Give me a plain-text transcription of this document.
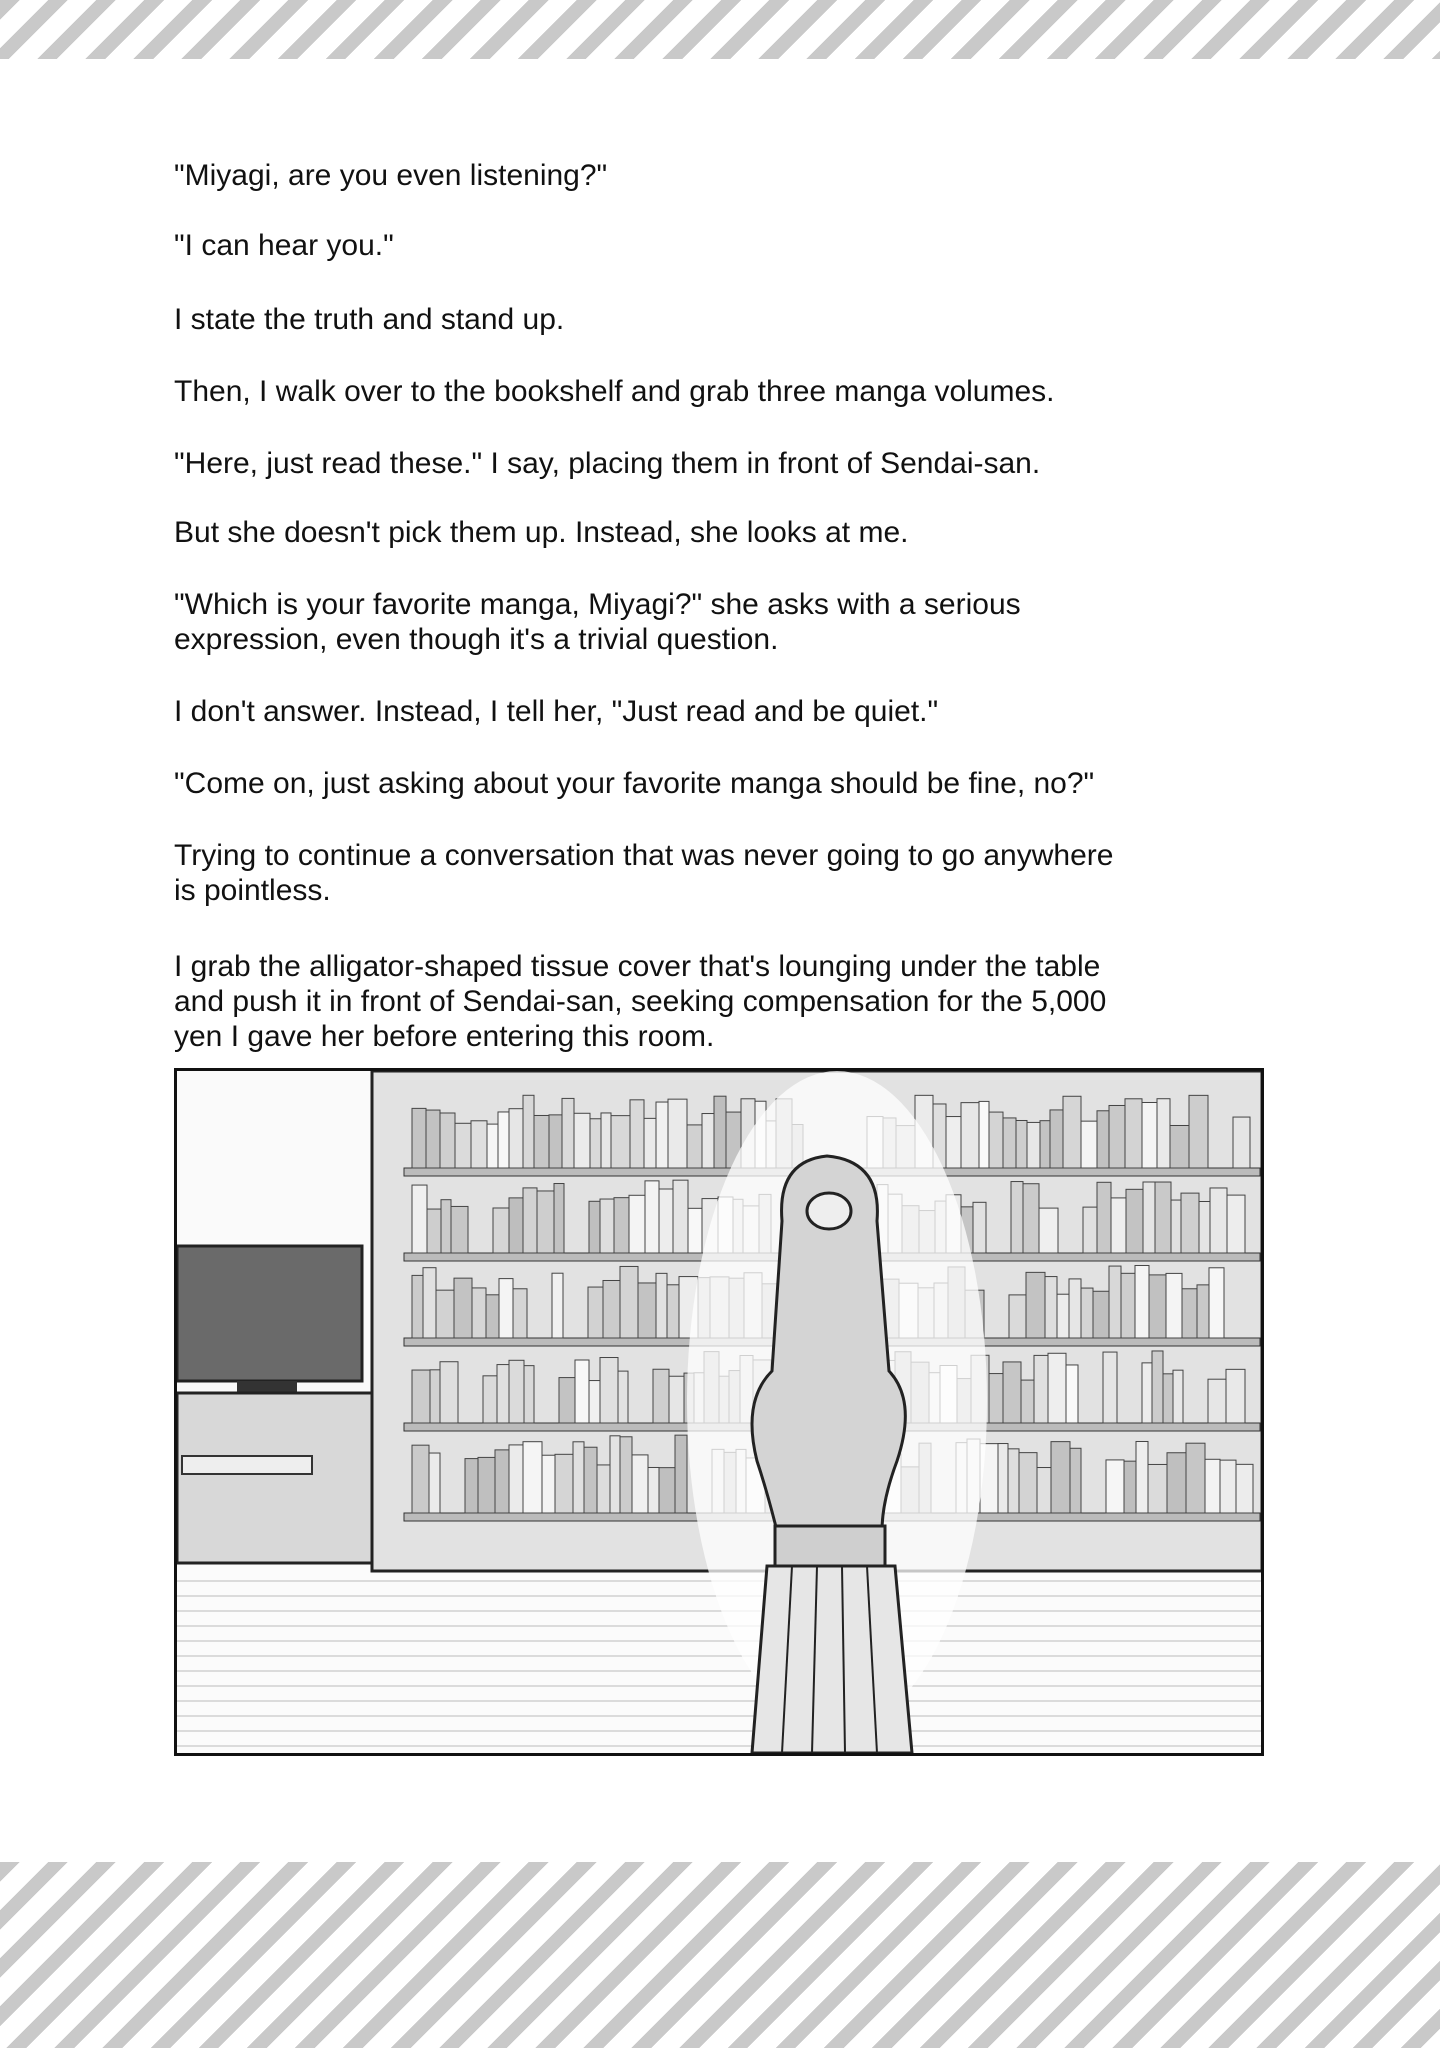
"Miyagi, are you even listening?"
"I can hear you."
I state the truth and stand up.
Then, I walk over to the bookshelf and grab three manga volumes.
"Here, just read these." I say, placing them in front of Sendai-san.
But she doesn't pick them up. Instead, she looks at me.
"Which is your favorite manga, Miyagi?" she asks with a serious
expression, even though it's a trivial question.
I don't answer. Instead, I tell her, "Just read and be quiet."
"Come on, just asking about your favorite manga should be fine, no?"
Trying to continue a conversation that was never going to go anywhere
is pointless.
I grab the alligator-shaped tissue cover that's lounging under the table
and push it in front of Sendai-san, seeking compensation for the 5,000
yen I gave her before entering this room.
